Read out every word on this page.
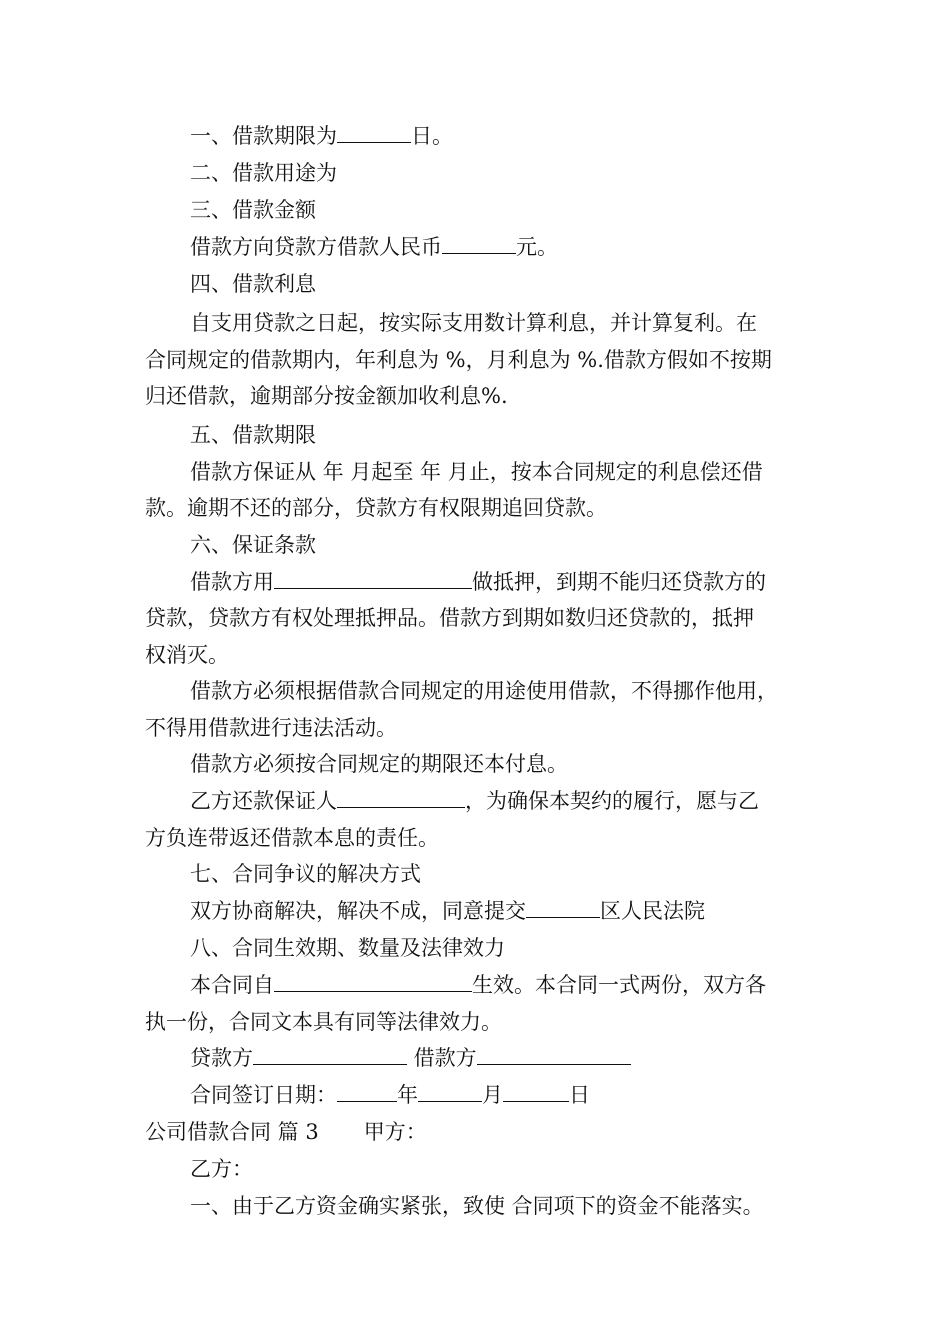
一、借款期限为	日。

二、借款用途为

三、借款金额

借款方向贷款方借款人民币	元。

四、借款利息

自支用贷款之日起，按实际支用数计算利息，并计算复利。在
合同规定的借款期内，年利息为 %，月利息为 %.借款方假如不按期
归还借款，逾期部分按金额加收利息%.

五、借款期限

借款方保证从 年 月起至 年 月止，按本合同规定的利息偿还借
款。逾期不还的部分，贷款方有权限期追回贷款。

六、保证条款

借款方用	做抵押，到期不能归还贷款方的
贷款，贷款方有权处理抵押品。借款方到期如数归还贷款的，抵押
权消灭。
借款方必须根据借款合同规定的用途使用借款，不得挪作他用，
不得用借款进行违法活动。

借款方必须按合同规定的期限还本付息。

乙方还款保证人	，为确保本契约的履行，愿与乙
方负连带返还借款本息的责任。

七、合同争议的解决方式

双方协商解决，解决不成，同意提交	区人民法院

八、合同生效期、数量及法律效力

本合同自	生效。本合同一式两份，双方各
执一份，合同文本具有同等法律效力。

贷款方	借款方

合同签订日期：	年	月	日

公司借款合同 篇 3 甲方：

乙方：

一、由于乙方资金确实紧张，致使 合同项下的资金不能落实。
